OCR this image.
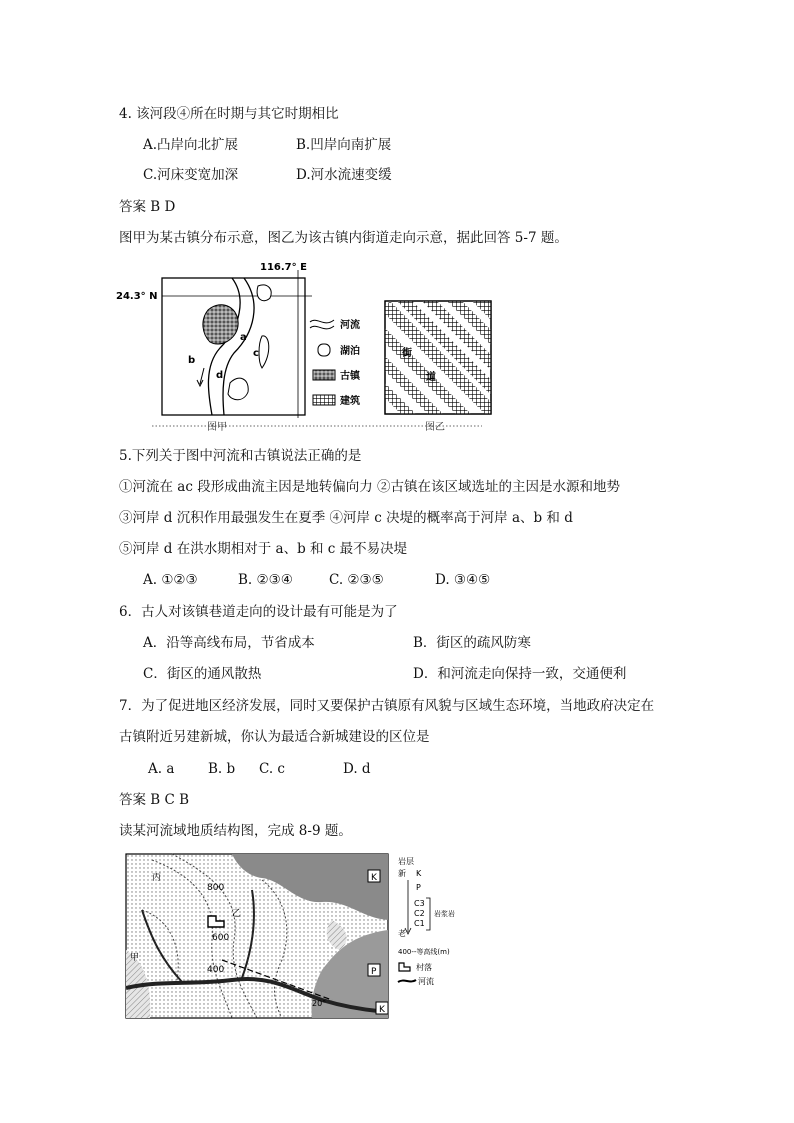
4. 该河段④所在时期与其它时期相比
A.凸岸向北扩展	B.凹岸向南扩展
C.河床变宽加深	D.河水流速变缓
答案 B D
图甲为某古镇分布示意，图乙为该古镇内街道走向示意，据此回答 5-7 题。
116.7° E
24.3° N
a
b
c
d
河流
湖泊
古镇
建筑
街
道
图甲	图乙
5.下列关于图中河流和古镇说法正确的是
①河流在 ac 段形成曲流主因是地转偏向力 ②古镇在该区域选址的主因是水源和地势
③河岸 d 沉积作用最强发生在夏季 ④河岸 c 决堤的概率高于河岸 a、b 和 d
⑤河岸 d 在洪水期相对于 a、b 和 c 最不易决堤
A. ①②③	B. ②③④	C. ②③⑤	D. ③④⑤
6．古人对该镇巷道走向的设计最有可能是为了
A．沿等高线布局，节省成本	B．街区的疏风防寒
C．街区的通风散热	D．和河流走向保持一致，交通便利
7．为了促进地区经济发展，同时又要保护古镇原有风貌与区域生态环境，当地政府决定在
古镇附近另建新城，你认为最适合新城建设的区位是
A. a B. b C. c	D. d
答案 B C B
读某河流域地质结构图，完成 8-9 题。
800
600
400
甲
乙
丙
20°
K
P
K
岩层
新 K
P
C3
C2
C1
老
岩浆岩
400--等高线(m)
村落
河流
